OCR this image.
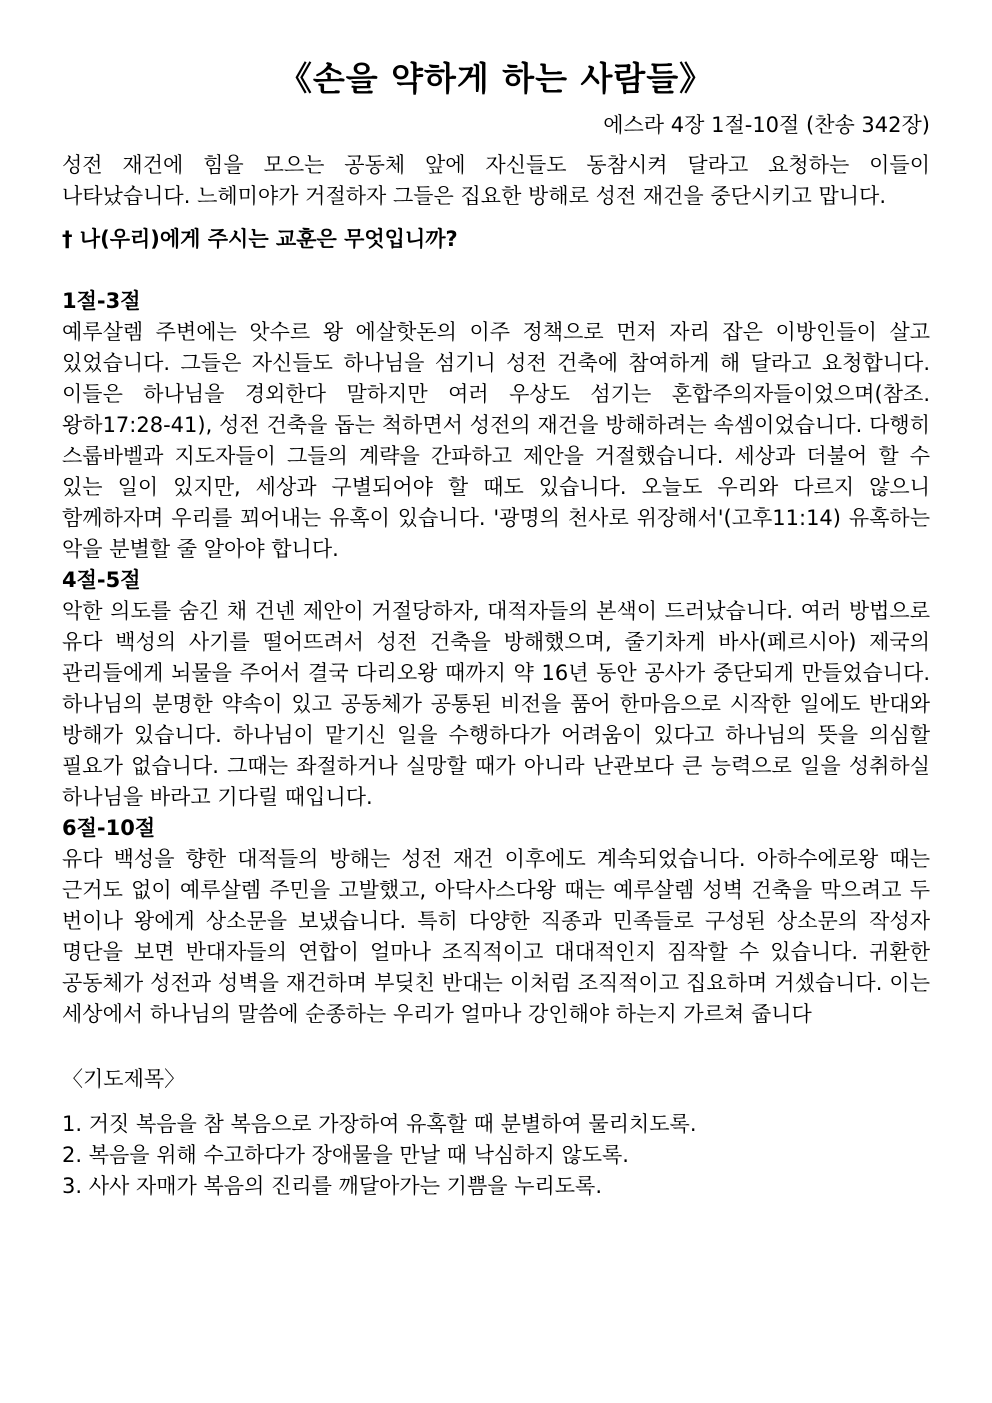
《손을 약하게 하는 사람들》
에스라 4장 1절-10절 (찬송 342장)

성전 재건에 힘을 모으는 공동체 앞에 자신들도 동참시켜 달라고 요청하는 이들이 나타났습니다. 느헤미야가 거절하자 그들은 집요한 방해로 성전 재건을 중단시키고 맙니다.

† 나(우리)에게 주시는 교훈은 무엇입니까?
1절-3절

예루살렘 주변에는 앗수르 왕 에살핫돈의 이주 정책으로 먼저 자리 잡은 이방인들이 살고 있었습니다. 그들은 자신들도 하나님을 섬기니 성전 건축에 참여하게 해 달라고 요청합니다. 이들은 하나님을 경외한다 말하지만 여러 우상도 섬기는 혼합주의자들이었으며(참조. 왕하17:28-41), 성전 건축을 돕는 척하면서 성전의 재건을 방해하려는 속셈이었습니다. 다행히 스룹바벨과 지도자들이 그들의 계략을 간파하고 제안을 거절했습니다. 세상과 더불어 할 수 있는 일이 있지만, 세상과 구별되어야 할 때도 있습니다. 오늘도 우리와 다르지 않으니 함께하자며 우리를 꾀어내는 유혹이 있습니다. '광명의 천사로 위장해서'(고후11:14) 유혹하는 악을 분별할 줄 알아야 합니다.

4절-5절

악한 의도를 숨긴 채 건넨 제안이 거절당하자, 대적자들의 본색이 드러났습니다. 여러 방법으로 유다 백성의 사기를 떨어뜨려서 성전 건축을 방해했으며, 줄기차게 바사(페르시아) 제국의 관리들에게 뇌물을 주어서 결국 다리오왕 때까지 약 16년 동안 공사가 중단되게 만들었습니다. 하나님의 분명한 약속이 있고 공동체가 공통된 비전을 품어 한마음으로 시작한 일에도 반대와 방해가 있습니다. 하나님이 맡기신 일을 수행하다가 어려움이 있다고 하나님의 뜻을 의심할 필요가 없습니다. 그때는 좌절하거나 실망할 때가 아니라 난관보다 큰 능력으로 일을 성취하실 하나님을 바라고 기다릴 때입니다.

6절-10절

유다 백성을 향한 대적들의 방해는 성전 재건 이후에도 계속되었습니다. 아하수에로왕 때는 근거도 없이 예루살렘 주민을 고발했고, 아닥사스다왕 때는 예루살렘 성벽 건축을 막으려고 두 번이나 왕에게 상소문을 보냈습니다. 특히 다양한 직종과 민족들로 구성된 상소문의 작성자 명단을 보면 반대자들의 연합이 얼마나 조직적이고 대대적인지 짐작할 수 있습니다. 귀환한 공동체가 성전과 성벽을 재건하며 부딪친 반대는 이처럼 조직적이고 집요하며 거셌습니다. 이는 세상에서 하나님의 말씀에 순종하는 우리가 얼마나 강인해야 하는지 가르쳐 줍니다

〈기도제목〉
1. 거짓 복음을 참 복음으로 가장하여 유혹할 때 분별하여 물리치도록.
2. 복음을 위해 수고하다가 장애물을 만날 때 낙심하지 않도록.
3. 사사 자매가 복음의 진리를 깨달아가는 기쁨을 누리도록.
